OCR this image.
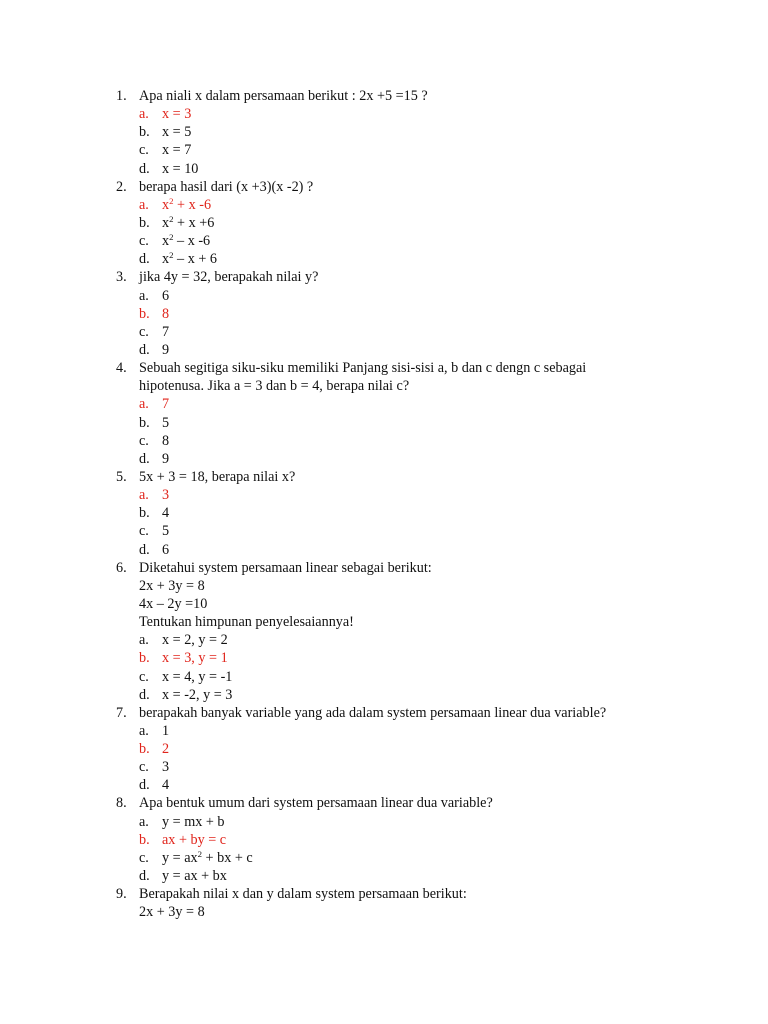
1. Apa niali x dalam persamaan berikut : 2x +5 =15 ?
a. x = 3
b. x = 5
c. x = 7
d. x = 10
2. berapa hasil dari (x +3)(x -2) ?
a. $x^2 + x$ -6
b. $x^2 + x +6$
c. $x^2$ – x -6
d. $x^2 - x + 6$
3. jika 4y = 32, berapakah nilai y?
a. 6
b. 8
c. 7
d. 9
4. Sebuah segitiga siku-siku memiliki Panjang sisi-sisi a, b dan c dengn c sebagai
hipotenusa. Jika a = 3 dan b = 4, berapa nilai c?
a. 7
b. 5
c. 8
d. 9
5. 5x + 3 = 18, berapa nilai x?
a. 3
b. 4
c. 5
d. 6
6. Diketahui system persamaan linear sebagai berikut:
2x + 3y = 8
4x – 2y =10
Tentukan himpunan penyelesaiannya!
a. x = 2, y = 2
b. x = 3, y = 1
c. x = 4, y = -1
d. x = -2, y = 3
7. berapakah banyak variable yang ada dalam system persamaan linear dua variable?
a. 1
b. 2
c. 3
d. 4
8. Apa bentuk umum dari system persamaan linear dua variable?
a. y = mx + b
b. ax + by = c
c. $y = ax^2$ + bx + c
d. y = ax + bx
9. Berapakah nilai x dan y dalam system persamaan berikut:
2x + 3y = 8
